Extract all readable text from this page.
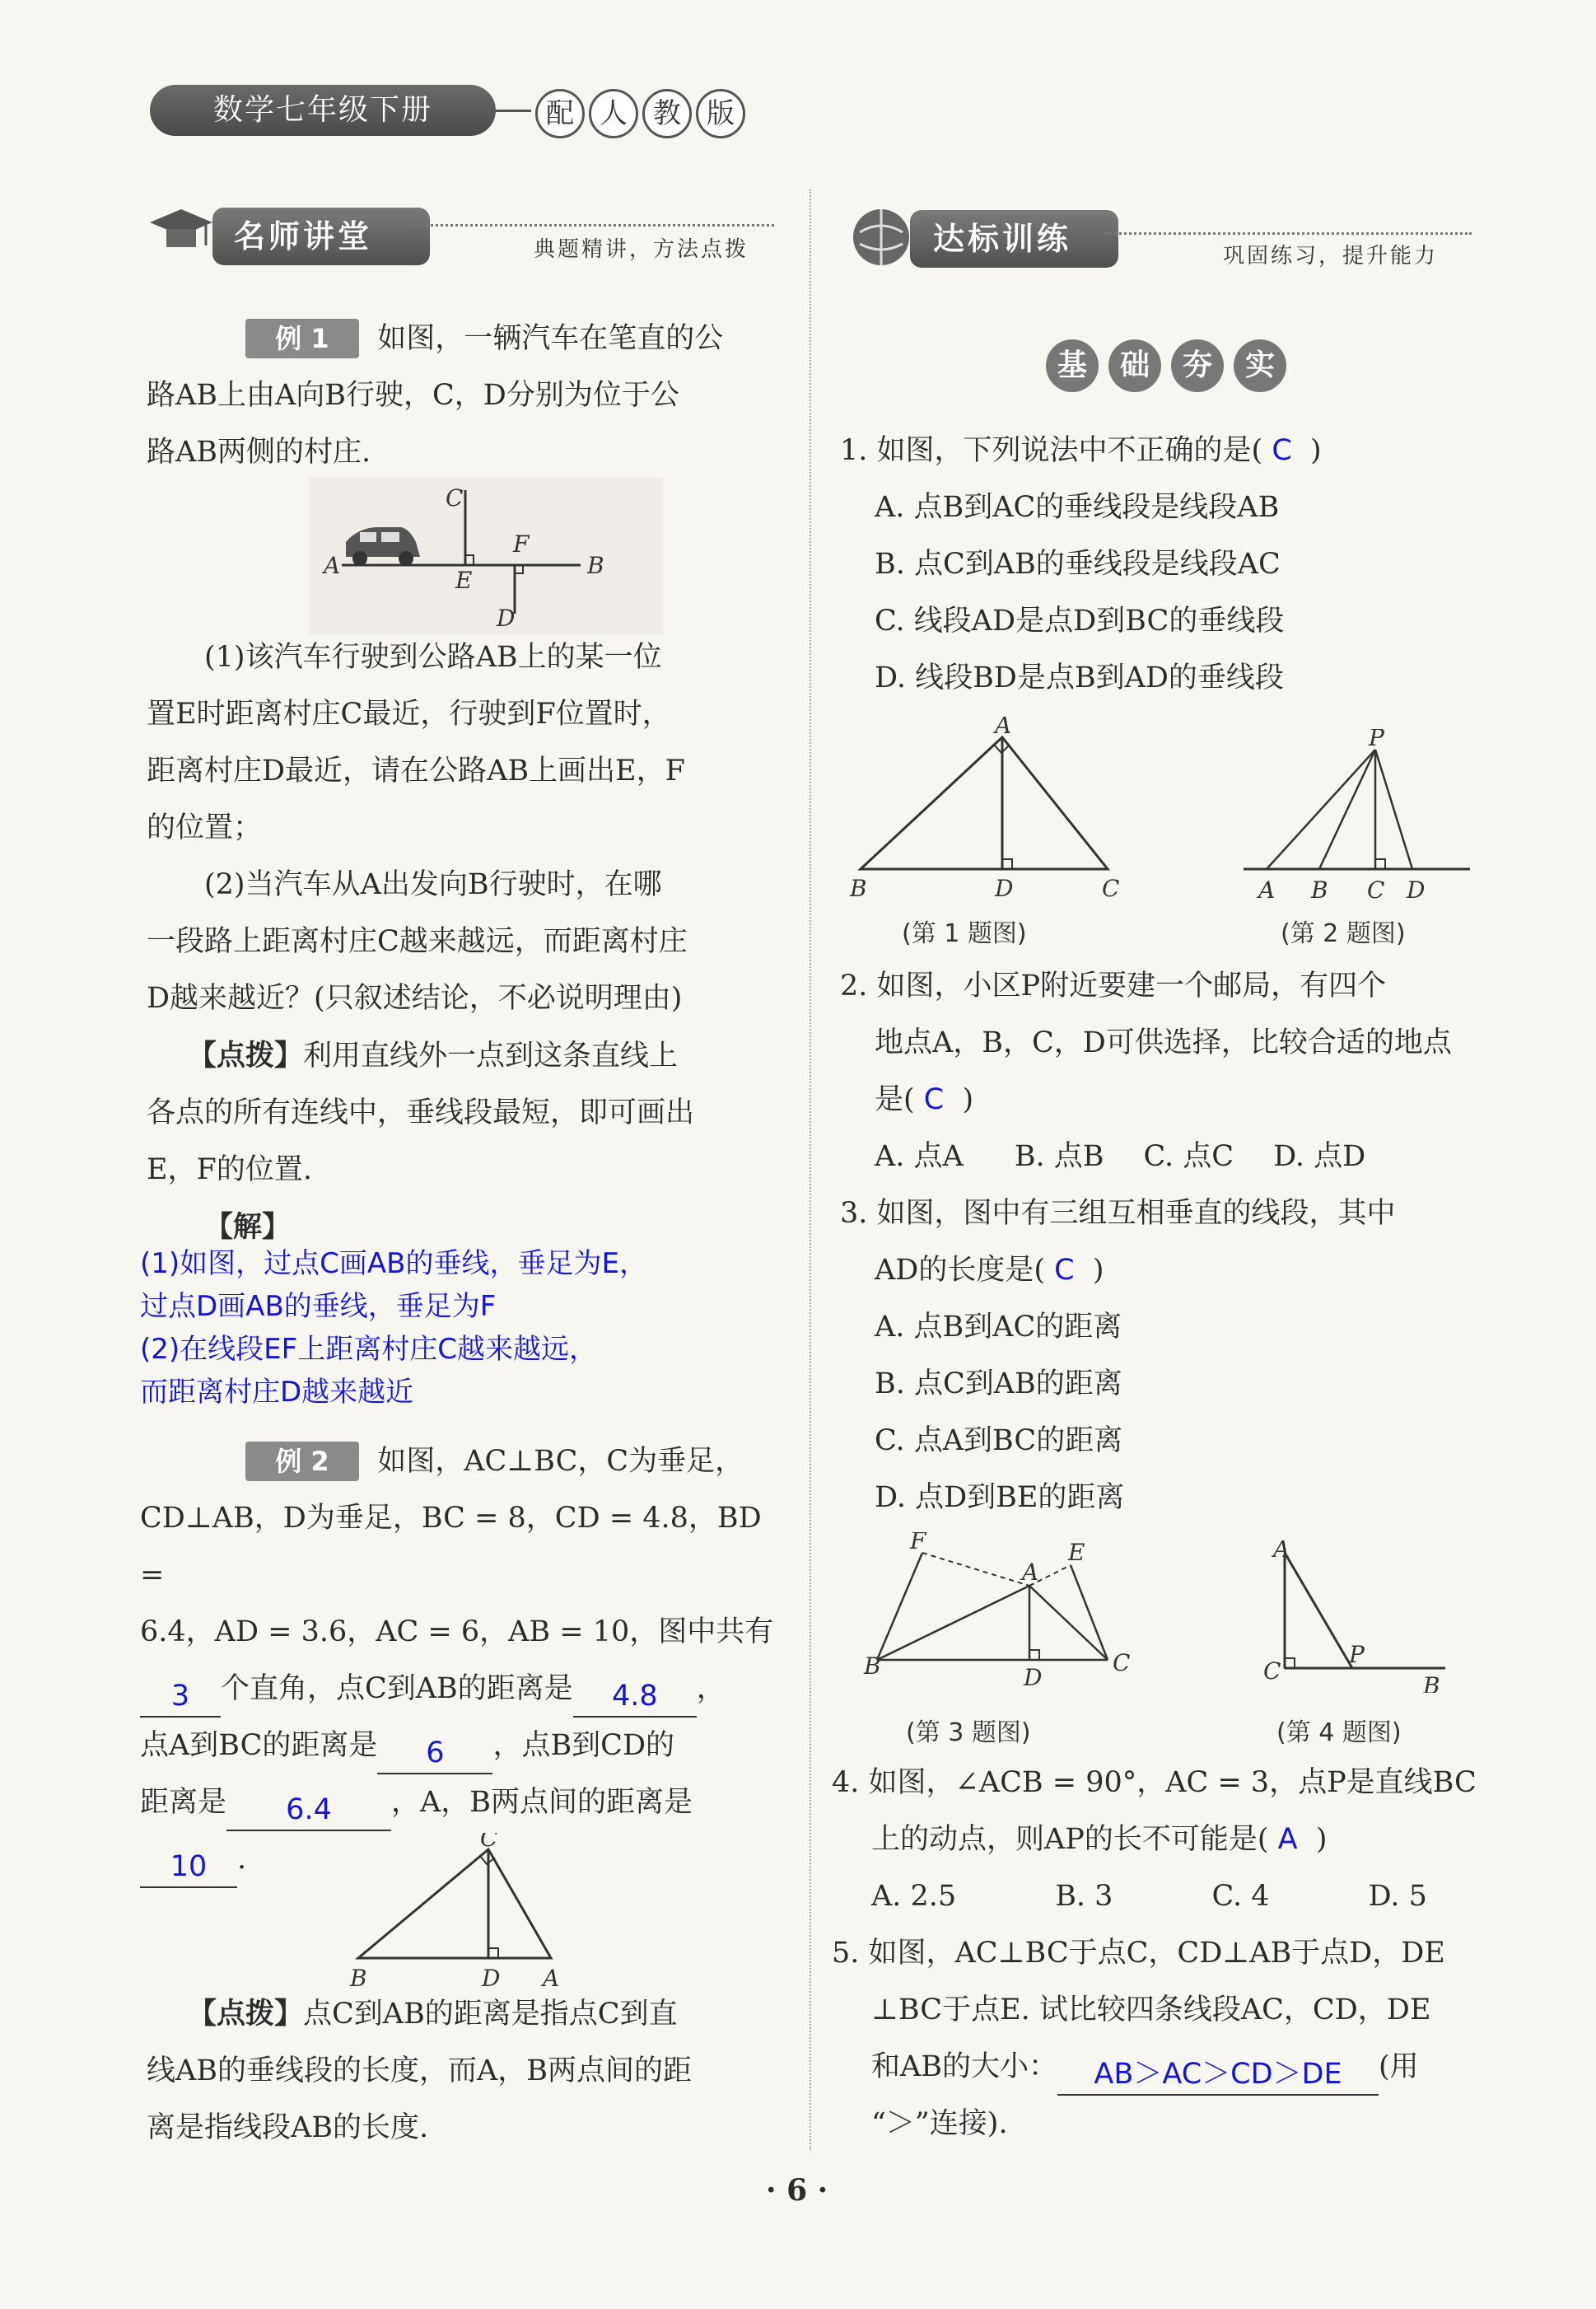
数学七年级下册	配 人 教 版
名师讲堂	典题精讲，方法点拨

例 1 如图，一辆汽车在笔直的公

路AB上由A向B行驶，C，D分别为位于公

路AB两侧的村庄.

A	B
C
D
E
F

(1)该汽车行驶到公路AB上的某一位

置E时距离村庄C最近，行驶到F位置时，

距离村庄D最近，请在公路AB上画出E，F

的位置；

(2)当汽车从A出发向B行驶时，在哪

一段路上距离村庄C越来越远，而距离村庄

D越来越近？(只叙述结论，不必说明理由)

【点拨】利用直线外一点到这条直线上

各点的所有连线中，垂线段最短，即可画出

E，F的位置.

【解】

(1)如图，过点C画AB的垂线，垂足为E，
过点D画AB的垂线，垂足为F
(2)在线段EF上距离村庄C越来越远，
而距离村庄D越来越近

例 2 如图，AC⊥BC，C为垂足，

CD⊥AB，D为垂足，BC = 8，CD = 4.8，BD =

6.4，AD = 3.6，AC = 6，AB = 10，图中共有

3 个直角，点C到AB的距离是 4.8 ，

点A到BC的距离是 6 ，点B到CD的

距离是 6.4 ，A，B两点间的距离是

10 .

C
B	D A

【点拨】点C到AB的距离是指点C到直

线AB的垂线段的长度，而A，B两点间的距

离是指线段AB的长度.

达标训练	巩固练习，提升能力
基	础	夯	实

1. 如图，下列说法中不正确的是( C )

A. 点B到AC的垂线段是线段AB

B. 点C到AB的垂线段是线段AC

C. 线段AD是点D到BC的垂线段

D. 线段BD是点B到AD的垂线段

A
B	D	C
(第 1 题图)
P
A B C D
(第 2 题图)

2. 如图，小区P附近要建一个邮局，有四个

地点A，B，C，D可供选择，比较合适的地点

是( C )

A. 点A B. 点B C. 点C D. 点D

3. 如图，图中有三组互相垂直的线段，其中

AD的长度是( C )

A. 点B到AC的距离

B. 点C到AB的距离

C. 点A到BC的距离

D. 点D到BE的距离

B
F
A
E
D
C
(第 3 题图)
A
C
P
B
(第 4 题图)

4. 如图，∠ACB = 90°，AC = 3，点P是直线BC

上的动点，则AP的长不可能是( A )

A. 2.5	B. 3	C. 4	D. 5

5. 如图，AC⊥BC于点C，CD⊥AB于点D，DE

⊥BC于点E. 试比较四条线段AC，CD，DE

和AB的大小： AB＞AC＞CD＞DE (用

“＞”连接).

· 6 ·
